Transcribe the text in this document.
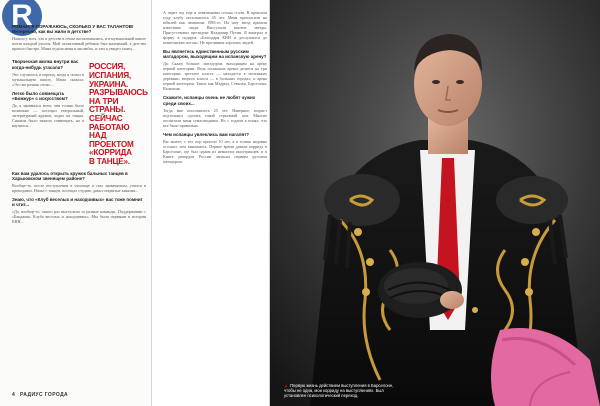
R
РОМАН, Я ПОРАЖАЮСЬ, СКОЛЬКО У ВАС ТАЛАНТОВ! Интересно, как вы жили в детстве?
Начало у всех, что в детстве в семье воспитывались, и в музыкальной школе почти каждый учился. Мой талантливый ребенок был маленький, а детство прошло быстро. Мама отдала меня в ансамбль, и там я увидел танец...
Творческая жилка внутри вас когда-нибудь угасала?
Это случилось в период, когда я попал в музыкальную школу. Мама сказала: «Это же разная стезя»...
Легко было совмещать «Бонжур» с искусством?
Да, я занимался всем, чем только было возможно — посещал театральный, литературный кружок, ходил на танцы. Сначала было тяжело совмещать, но я научился...
РОССИЯ,
ИСПАНИЯ,
УКРАИНА.
РАЗРЫВАЮСЬ
НА ТРИ
СТРАНЫ.
СЕЙЧАС
РАБОТАЮ
НАД
ПРОЕКТОМ
«КОРРИДА
В ТАНЦЕ».
Как вам удалось открыть кружок бальных танцев в Харьковском звенящем районе?
Вообще-то, после поступления в училище я стал знаменитым, учился и преподавал. Начал с танцев, посещал студию, давал открытые занятия...
Знаю, что «Клуб веселых и находчивых» вас тоже помнит и чтит...
«Да, вообще-то, много раз выступали за разные команды. Поддерживаю с «Бандами» Клуба веселых и находчивых». Мы были первыми в истории КВН...
4 РАДИУС ГОРОДА
А через год еще и чемпионами сезона стали. В прошлом году клубу исполнилось 45 лет. Меня пригласили на юбилей как чемпиона 1986-го. На шоу звезд пришли известные люди. Выступали многие звезды. Присутствовал президент Владимир Путин. Я выиграл и форму в подарок «Благодаря КВН я дослужился до капитанских погон». Не противник хороших людей.
Вы являетесь единственным русским матадором, выходящим на испанскую арену?
Да. Скажу больше: матадором, выходящим на арену первой категории. Ведь испанские арены делятся на три категории: третьего класса — находятся в маленьких деревнях; второго класса — в больших городах; и арена первой категории. Таких как Мадрид, Севилья, Барселона, Валенсия.
Скажите, испанцы очень не любят чужих среди своих...
Тогда мне исполнилось 25 лет. Наверное, возраст подтолкнул сделать такой серьезный шаг. Многие посчитали меня сумасшедшим. Но с годами я понял, что все было правильно.
Чем испанцы увлеклись вам нагалят?
Вы знаете, с тех пор прошло 10 лет, а я только недавно осознал, чем занимаюсь. Первое время давали корриду в Барселоне, где был одним из немногих иностранцев, и в Книге рекордов России записан первым русским матадором.
▲ Первую жизнь действием выступления в Барселоне, чтобы не одна, мои корриду на выступлениях. Был установлен психологический переход.
